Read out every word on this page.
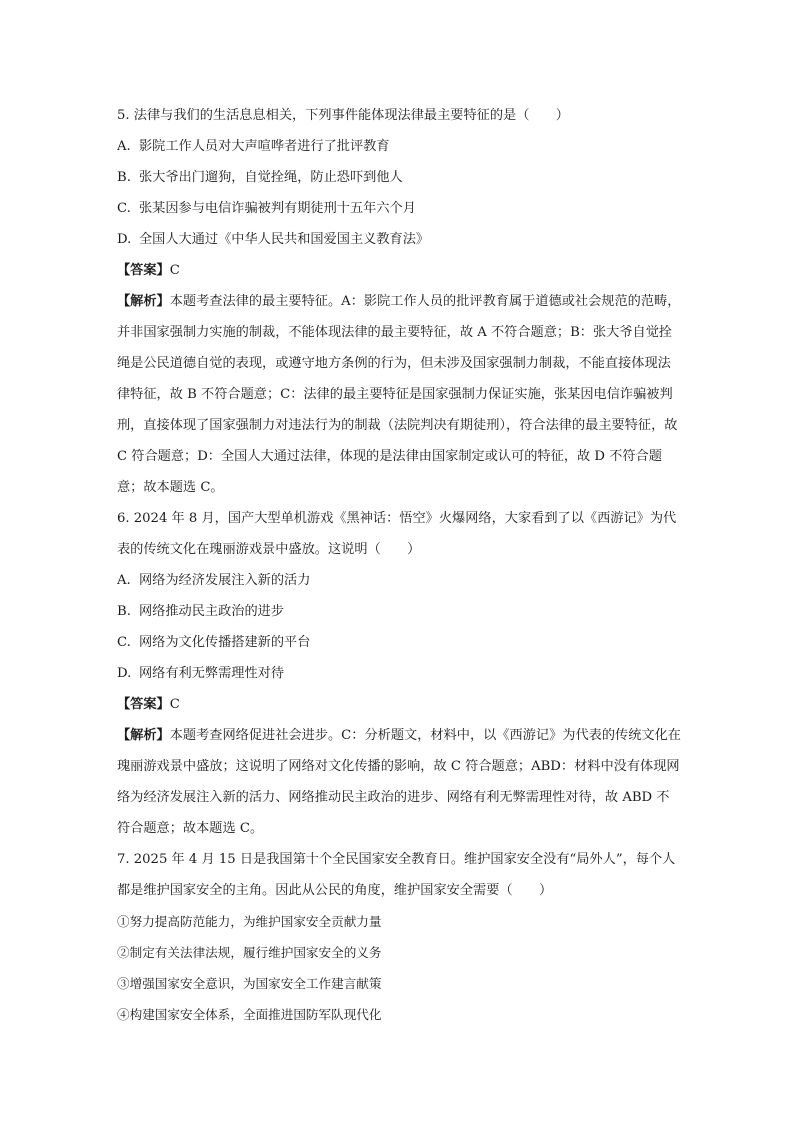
5. 法律与我们的生活息息相关，下列事件能体现法律最主要特征的是（　　）
A. 影院工作人员对大声喧哗者进行了批评教育
B. 张大爷出门遛狗，自觉拴绳，防止恐吓到他人
C. 张某因参与电信诈骗被判有期徒刑十五年六个月
D. 全国人大通过《中华人民共和国爱国主义教育法》
【答案】C
【解析】本题考查法律的最主要特征。A：影院工作人员的批评教育属于道德或社会规范的范畴，并非国家强制力实施的制裁，不能体现法律的最主要特征，故 A 不符合题意；B：张大爷自觉拴绳是公民道德自觉的表现，或遵守地方条例的行为，但未涉及国家强制力制裁，不能直接体现法律特征，故 B 不符合题意；C：法律的最主要特征是国家强制力保证实施，张某因电信诈骗被判刑，直接体现了国家强制力对违法行为的制裁（法院判决有期徒刑），符合法律的最主要特征，故 C 符合题意；D：全国人大通过法律，体现的是法律由国家制定或认可的特征，故 D 不符合题意；故本题选 C。
6. 2024 年 8 月，国产大型单机游戏《黑神话：悟空》火爆网络，大家看到了以《西游记》为代表的传统文化在瑰丽游戏景中盛放。这说明（　　）
A. 网络为经济发展注入新的活力
B. 网络推动民主政治的进步
C. 网络为文化传播搭建新的平台
D. 网络有利无弊需理性对待
【答案】C
【解析】本题考查网络促进社会进步。C：分析题文，材料中，以《西游记》为代表的传统文化在瑰丽游戏景中盛放；这说明了网络对文化传播的影响，故 C 符合题意；ABD：材料中没有体现网络为经济发展注入新的活力、网络推动民主政治的进步、网络有利无弊需理性对待，故 ABD 不符合题意；故本题选 C。
7. 2025 年 4 月 15 日是我国第十个全民国家安全教育日。维护国家安全没有“局外人”，每个人都是维护国家安全的主角。因此从公民的角度，维护国家安全需要（　　）
①努力提高防范能力，为维护国家安全贡献力量
②制定有关法律法规，履行维护国家安全的义务
③增强国家安全意识，为国家安全工作建言献策
④构建国家安全体系，全面推进国防军队现代化
